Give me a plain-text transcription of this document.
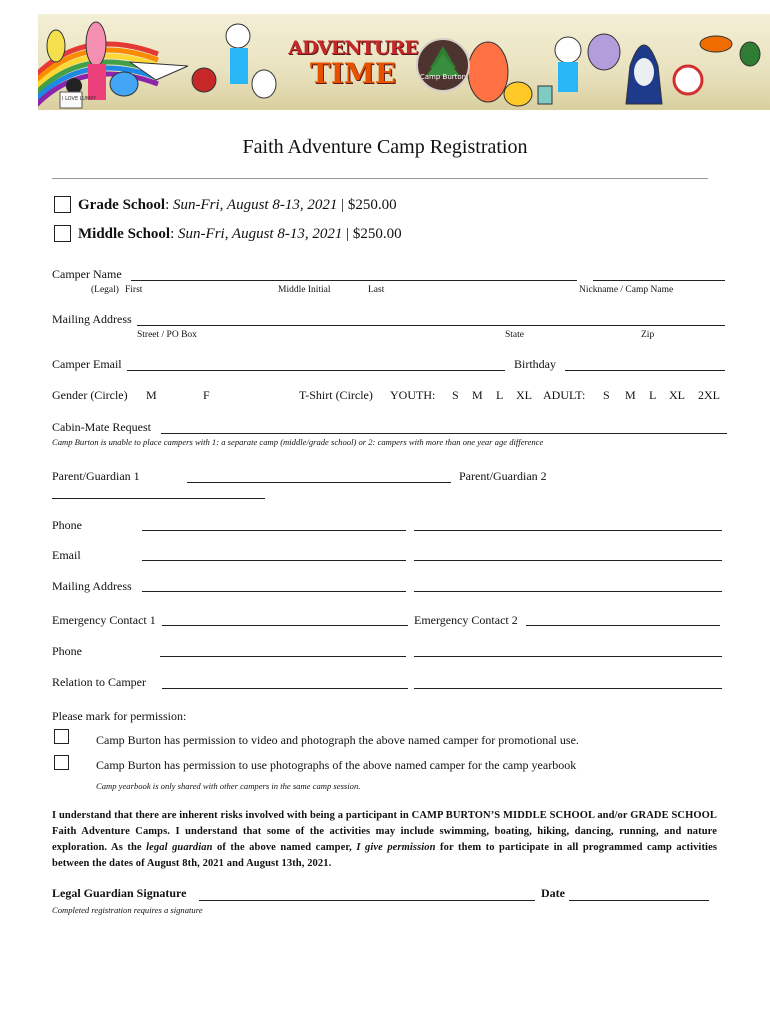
I LOVE LUMPY
ADVENTURE
TIME	Camp Burton
Faith Adventure Camp Registration
Grade School: Sun-Fri, August 8-13, 2021 | $250.00
Middle School: Sun-Fri, August 8-13, 2021 | $250.00
Camper Name
(Legal) First	Middle Initial	Last	Nickname / Camp Name
Mailing Address
Street / PO Box	State	Zip
Camper Email	Birthday
Gender (Circle) M	F	T-Shirt (Circle) YOUTH: S M L XL ADULT: S M L XL 2XL
Cabin-Mate Request
Camp Burton is unable to place campers with 1: a separate camp (middle/grade school) or 2: campers with more than one year age difference
Parent/Guardian 1	Parent/Guardian 2
Phone
Email
Mailing Address
Emergency Contact 1	Emergency Contact 2
Phone
Relation to Camper
Please mark for permission:
Camp Burton has permission to video and photograph the above named camper for promotional use.
Camp Burton has permission to use photographs of the above named camper for the camp yearbook
Camp yearbook is only shared with other campers in the same camp session.
I understand that there are inherent risks involved with being a participant in CAMP BURTON’S MIDDLE SCHOOL and/or GRADE SCHOOL Faith Adventure Camps. I understand that some of the activities may include swimming, boating, hiking, dancing, running, and nature exploration. As the legal guardian of the above named camper, I give permission for them to participate in all programmed camp activities between the dates of August 8th, 2021 and August 13th, 2021.
Legal Guardian Signature	Date
Completed registration requires a signature
